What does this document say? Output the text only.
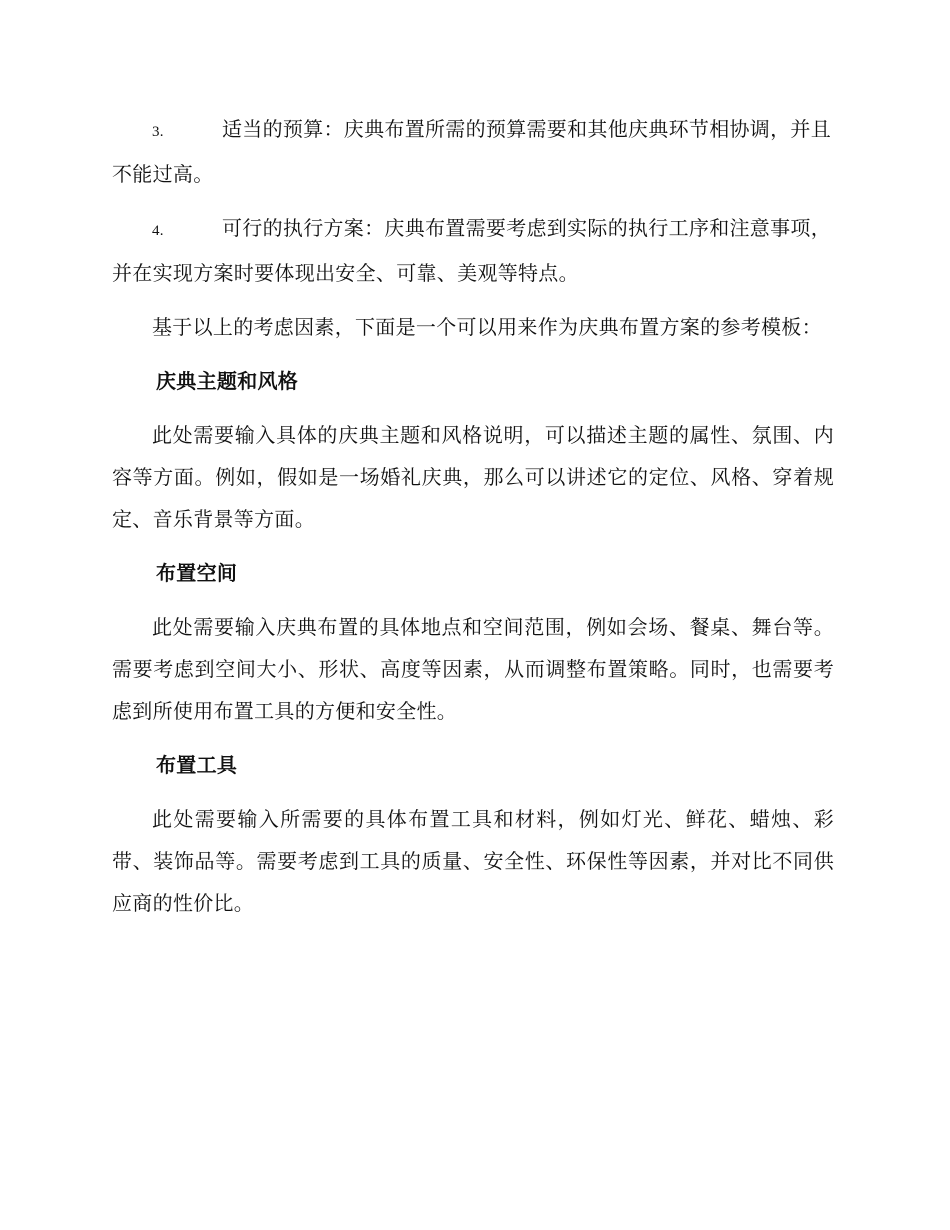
3.	适当的预算：庆典布置所需的预算需要和其他庆典环节相协调，并且不能过高。

4.	可行的执行方案：庆典布置需要考虑到实际的执行工序和注意事项，并在实现方案时要体现出安全、可靠、美观等特点。

基于以上的考虑因素，下面是一个可以用来作为庆典布置方案的参考模板：

庆典主题和风格

此处需要输入具体的庆典主题和风格说明，可以描述主题的属性、氛围、内容等方面。例如，假如是一场婚礼庆典，那么可以讲述它的定位、风格、穿着规定、音乐背景等方面。

布置空间

此处需要输入庆典布置的具体地点和空间范围，例如会场、餐桌、舞台等。需要考虑到空间大小、形状、高度等因素，从而调整布置策略。同时，也需要考虑到所使用布置工具的方便和安全性。

布置工具

此处需要输入所需要的具体布置工具和材料，例如灯光、鲜花、蜡烛、彩带、装饰品等。需要考虑到工具的质量、安全性、环保性等因素，并对比不同供应商的性价比。
